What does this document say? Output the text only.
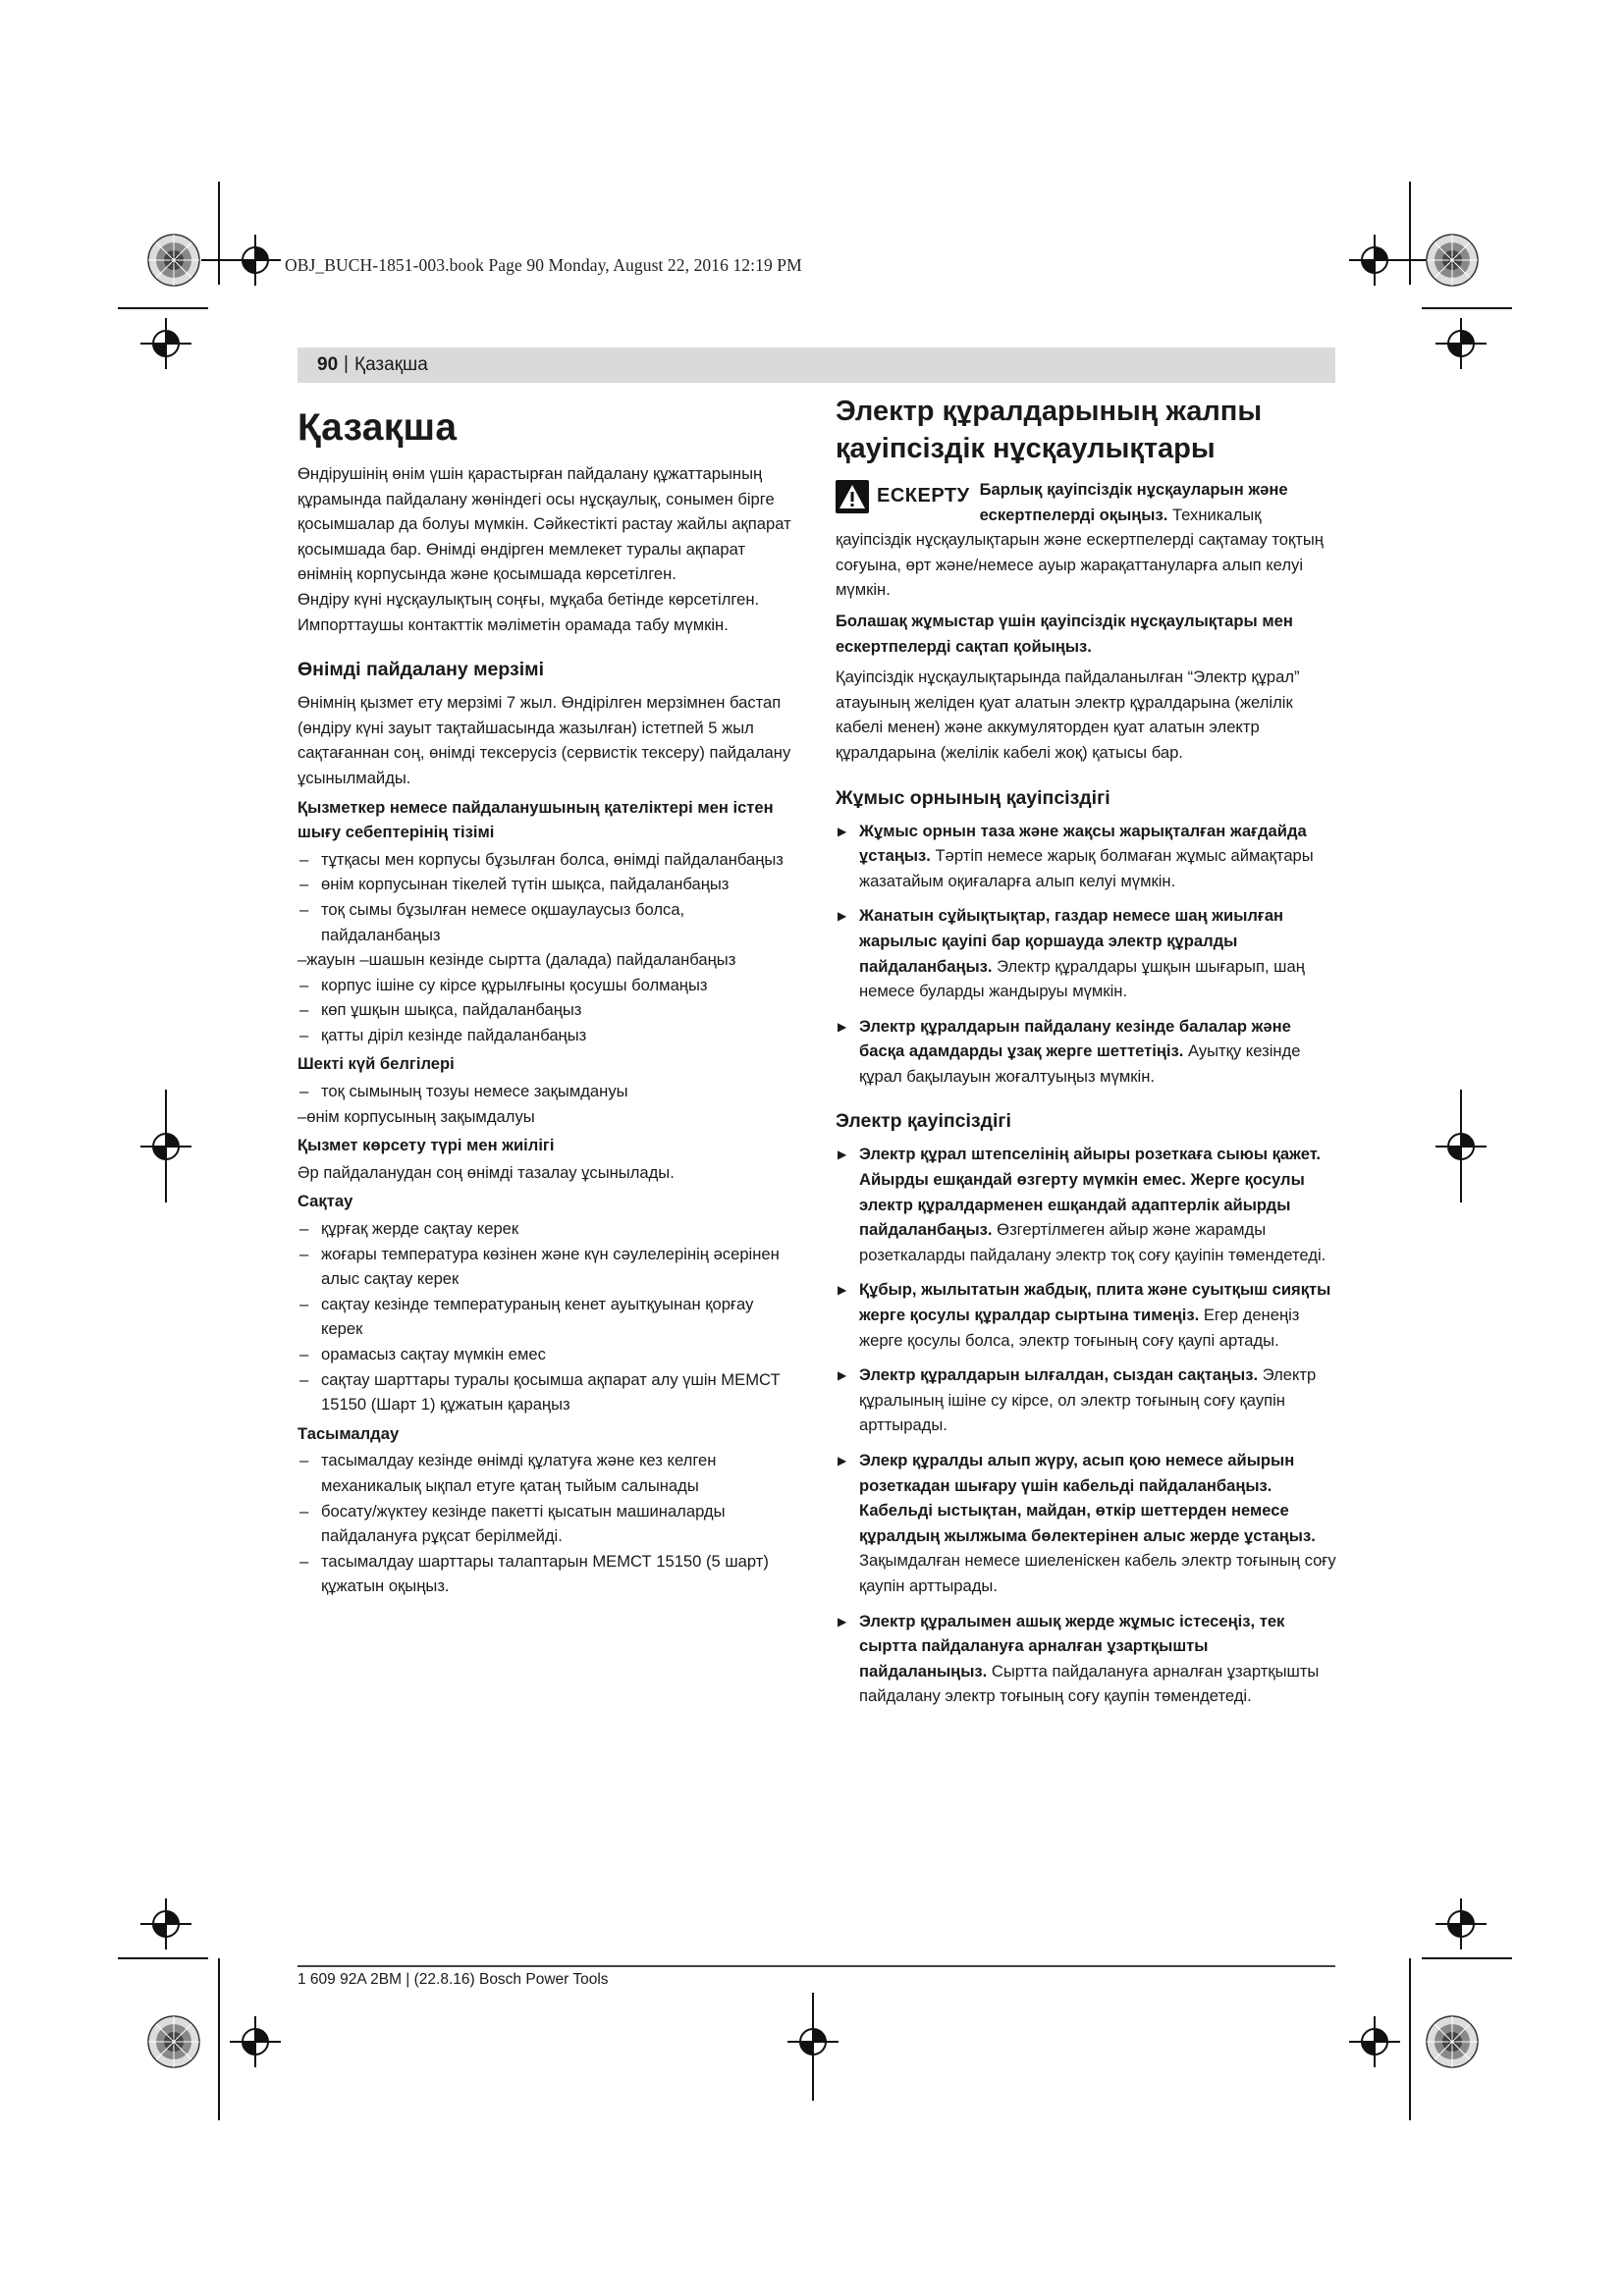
OBJ_BUCH-1851-003.book Page 90 Monday, August 22, 2016 12:19 PM
90 | Қазақша
Қазақша

Өндірушінің өнім үшін қарастырған пайдалану құжаттарының құрамында пайдалану жөніндегі осы нұсқаулық, сонымен бірге қосымшалар да болуы мүмкін. Сәйкестікті растау жайлы ақпарат қосымшада бар. Өнімді өндірген мемлекет туралы ақпарат өнімнің корпусында және қосымшада көрсетілген.

Өндіру күні нұсқаулықтың соңғы, мұқаба бетінде көрсетілген.

Импорттаушы контакттік мәліметін орамада табу мүмкін.

Өнімді пайдалану мерзімі

Өнімнің қызмет ету мерзімі 7 жыл. Өндірілген мерзімнен бастап (өндіру күні зауыт тақтайшасында жазылған) істетпей 5 жыл сақтағаннан соң, өнімді тексерусіз (сервистік тексеру) пайдалану ұсынылмайды.

Қызметкер немесе пайдаланушының қателіктері мен істен шығу себептерінің тізімі
– тұтқасы мен корпусы бұзылған болса, өнімді пайдаланбаңыз
– өнім корпусынан тікелей түтін шықса, пайдаланбаңыз
– тоқ сымы бұзылған немесе оқшаулаусыз болса, пайдаланбаңыз
–жауын –шашын кезінде сыртта (далада) пайдаланбаңыз
– корпус ішіне су кірсе құрылғыны қосушы болмаңыз
– көп ұшқын шықса, пайдаланбаңыз
– қатты діріл кезінде пайдаланбаңыз
Шекті күй белгілері
– тоқ сымының тозуы немесе зақымдануы
–өнім корпусының зақымдалуы
Қызмет көрсету түрі мен жиілігі

Әр пайдаланудан соң өнімді тазалау ұсынылады.

Сақтау
– құрғақ жерде сақтау керек
– жоғары температура көзінен және күн сәулелерінің әсерінен алыс сақтау керек
– сақтау кезінде температураның кенет ауытқуынан қорғау керек
– орамасыз сақтау мүмкін емес
– сақтау шарттары туралы қосымша ақпарат алу үшін МЕМСТ 15150 (Шарт 1) құжатын қараңыз
Тасымалдау
– тасымалдау кезінде өнімді құлатуға және кез келген механикалық ықпал етуге қатаң тыйым салынады
– босату/жүктеу кезінде пакетті қысатын машиналарды пайдалануға рұқсат берілмейді.
– тасымалдау шарттары талаптарын МЕМСТ 15150 (5 шарт) құжатын оқыңыз.
Электр құралдарының жалпы қауіпсіздік нұсқаулықтары
ЕСКЕРТУ Барлық қауіпсіздік нұсқауларын және ескертпелерді оқыңыз. Техникалық қауіпсіздік нұсқаулықтарын және ескертпелерді сақтамау тоқтың соғуына, өрт және/немесе ауыр жарақаттануларға алып келуі мүмкін.

Болашақ жұмыстар үшін қауіпсіздік нұсқаулықтары мен ескертпелерді сақтап қойыңыз.

Қауіпсіздік нұсқаулықтарында пайдаланылған “Электр құрал” атауының желіден қуат алатын электр құралдарына (желілік кабелі менен) және аккумуляторден қуат алатын электр құралдарына (желілік кабелі жоқ) қатысы бар.

Жұмыс орнының қауіпсіздігі
▶ Жұмыс орнын таза және жақсы жарықталған жағдайда ұстаңыз. Тәртіп немесе жарық болмаған жұмыс аймақтары жазатайым оқиғаларға алып келуі мүмкін.
▶ Жанатын сұйықтықтар, газдар немесе шаң жиылған жарылыс қауіпі бар қоршауда электр құралды пайдаланбаңыз. Электр құралдары ұшқын шығарып, шаң немесе буларды жандыруы мүмкін.
▶ Электр құралдарын пайдалану кезінде балалар және басқа адамдарды ұзақ жерге шеттетіңіз. Ауытқу кезінде құрал бақылауын жоғалтуыңыз мүмкін.
Электр қауіпсіздігі
▶ Электр құрал штепселінің айыры розеткаға сыюы қажет. Айырды ешқандай өзгерту мүмкін емес. Жерге қосулы электр құралдарменен ешқандай адаптерлік айырды пайдаланбаңыз. Өзгертілмеген айыр және жарамды розеткаларды пайдалану электр тоқ соғу қауіпін төмендетеді.
▶ Құбыр, жылытатын жабдық, плита және суытқыш сияқты жерге қосулы құралдар сыртына тимеңіз. Егер денеңіз жерге қосулы болса, электр тоғының соғу қаупі артады.
▶ Электр құралдарын ылғалдан, сыздан сақтаңыз. Электр құралының ішіне су кірсе, ол электр тоғының соғу қаупін арттырады.
▶ Элекр құралды алып жүру, асып қою немесе айырын розеткадан шығару үшін кабельді пайдаланбаңыз. Кабельді ыстықтан, майдан, өткір шеттерден немесе құралдың жылжыма бөлектерінен алыс жерде ұстаңыз. Зақымдалған немесе шиеленіскен кабель электр тоғының соғу қаупін арттырады.
▶ Электр құралымен ашық жерде жұмыс істесеңіз, тек сыртта пайдалануға арналған ұзартқышты пайдаланыңыз. Сыртта пайдалануға арналған ұзартқышты пайдалану электр тоғының соғу қаупін төмендетеді.
1 609 92A 2BM | (22.8.16) Bosch Power Tools
